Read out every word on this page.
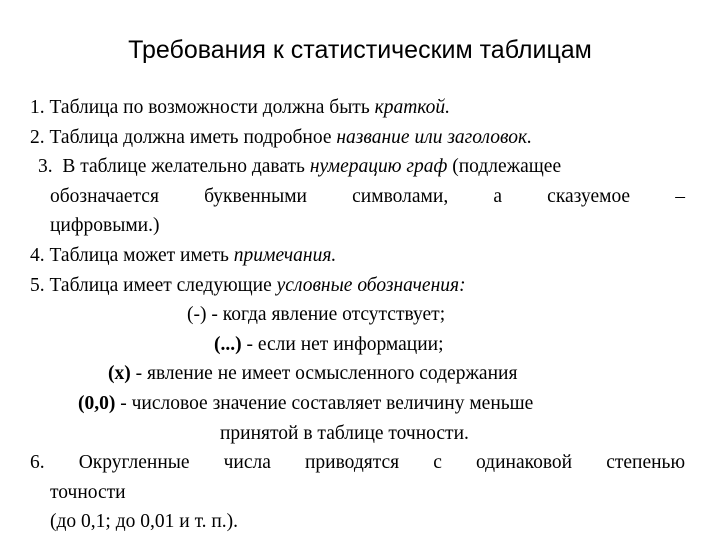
Требования к статистическим таблицам
1. Таблица по возможности должна быть краткой.
2. Таблица должна иметь подробное название или заголовок.
3.  В таблице желательно давать нумерацию граф (подлежащее
обозначается буквенными символами, а сказуемое –
цифровыми.)
4. Таблица может иметь примечания.
5. Таблица имеет следующие условные обозначения:
(-) - когда явление отсутствует;
(...) - если нет информации;
(x) - явление не имеет осмысленного содержания
(0,0) - числовое значение составляет величину меньше
принятой в таблице точности.
6. Округленные числа приводятся с одинаковой степенью
точности
(до 0,1; до 0,01 и т. п.).
